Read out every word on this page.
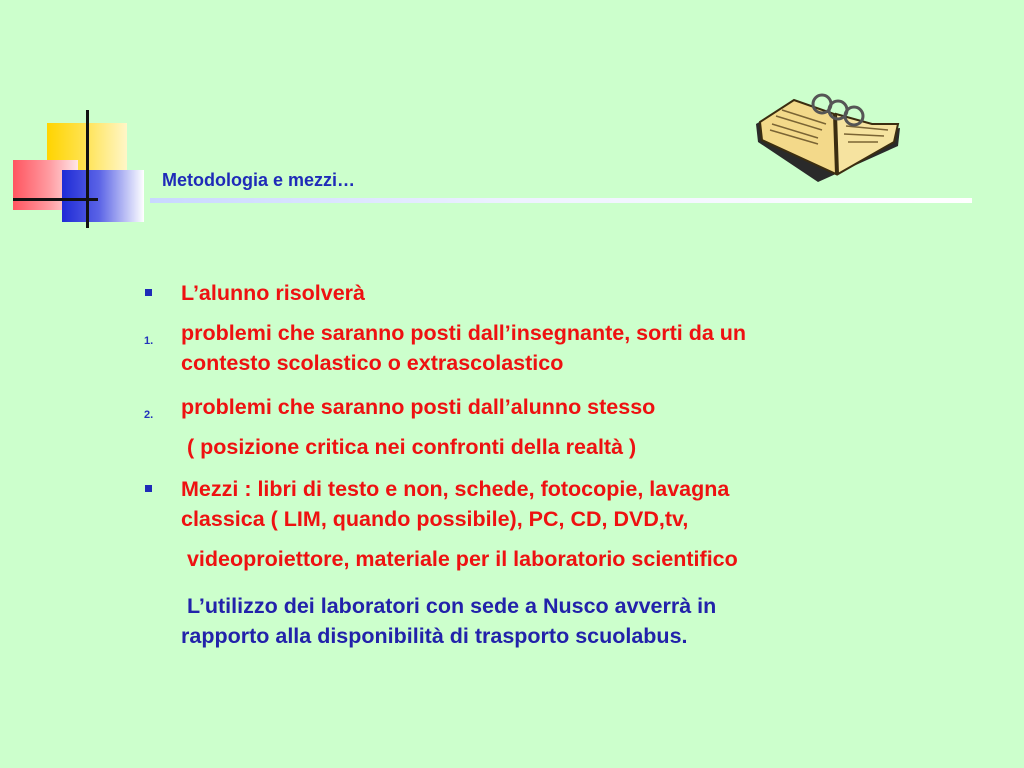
Metodologia e mezzi…
L’alunno risolverà
1. problemi che saranno posti dall’insegnante, sorti da un
contesto scolastico o extrascolastico
2. problemi che saranno posti dall’alunno stesso
( posizione critica nei confronti della realtà )
Mezzi : libri di testo e non, schede, fotocopie, lavagna
classica ( LIM, quando possibile), PC, CD, DVD,tv,
videoproiettore, materiale per il laboratorio scientifico
L’utilizzo dei laboratori con sede a Nusco avverrà in
rapporto alla disponibilità di trasporto scuolabus.
